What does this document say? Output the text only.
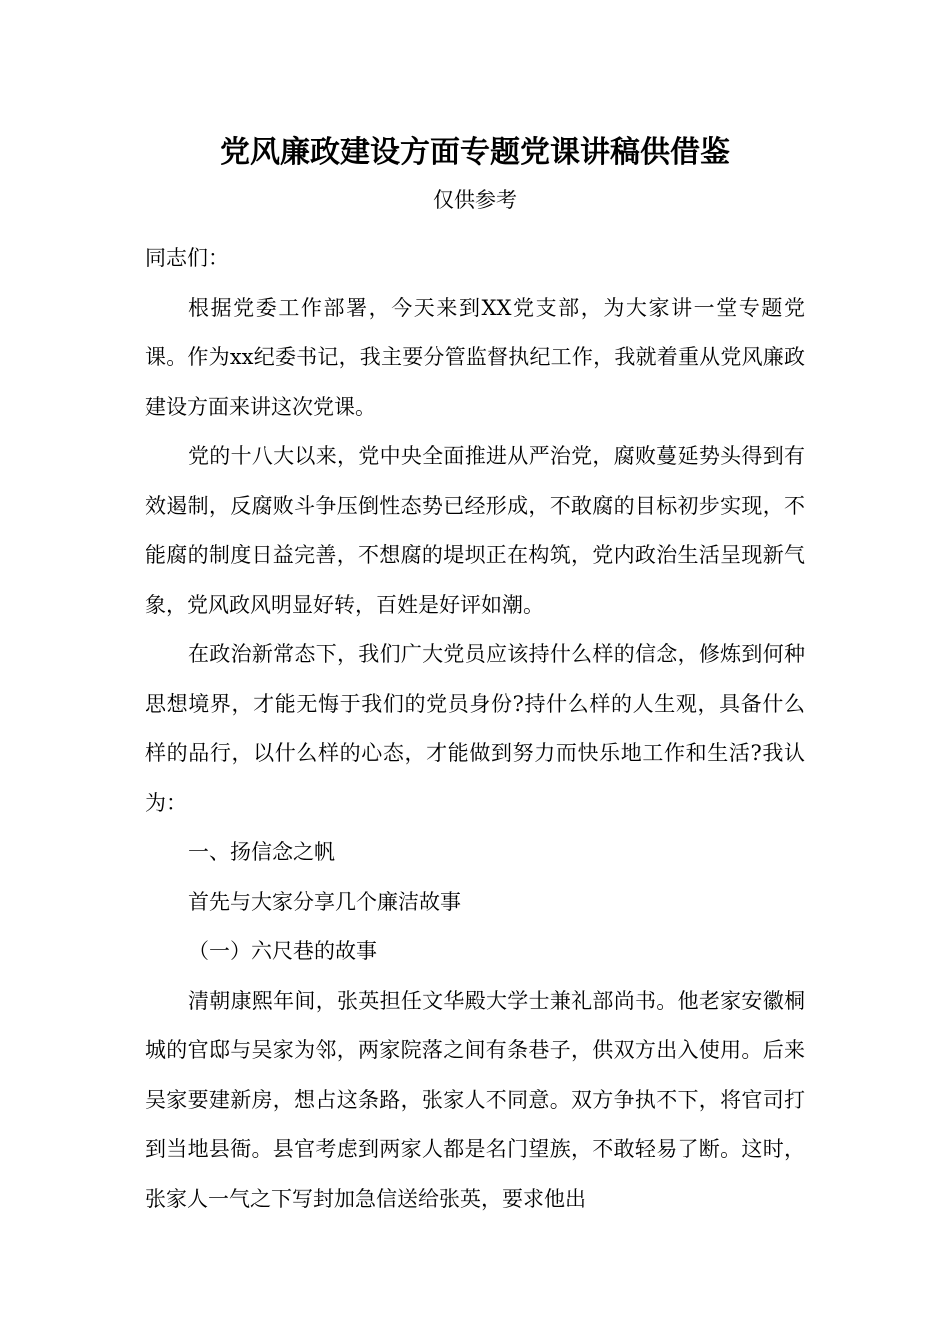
党风廉政建设方面专题党课讲稿供借鉴
仅供参考

同志们：

根据党委工作部署，今天来到XX党支部，为大家讲一堂专题党课。作为xx纪委书记，我主要分管监督执纪工作，我就着重从党风廉政建设方面来讲这次党课。

党的十八大以来，党中央全面推进从严治党，腐败蔓延势头得到有效遏制，反腐败斗争压倒性态势已经形成，不敢腐的目标初步实现，不能腐的制度日益完善，不想腐的堤坝正在构筑，党内政治生活呈现新气象，党风政风明显好转，百姓是好评如潮。

在政治新常态下，我们广大党员应该持什么样的信念，修炼到何种思想境界，才能无悔于我们的党员身份?持什么样的人生观，具备什么样的品行，以什么样的心态，才能做到努力而快乐地工作和生活?我认为：

一、扬信念之帆

首先与大家分享几个廉洁故事

（一）六尺巷的故事

清朝康熙年间，张英担任文华殿大学士兼礼部尚书。他老家安徽桐城的官邸与吴家为邻，两家院落之间有条巷子，供双方出入使用。后来吴家要建新房，想占这条路，张家人不同意。双方争执不下，将官司打到当地县衙。县官考虑到两家人都是名门望族，不敢轻易了断。这时，张家人一气之下写封加急信送给张英，要求他出
